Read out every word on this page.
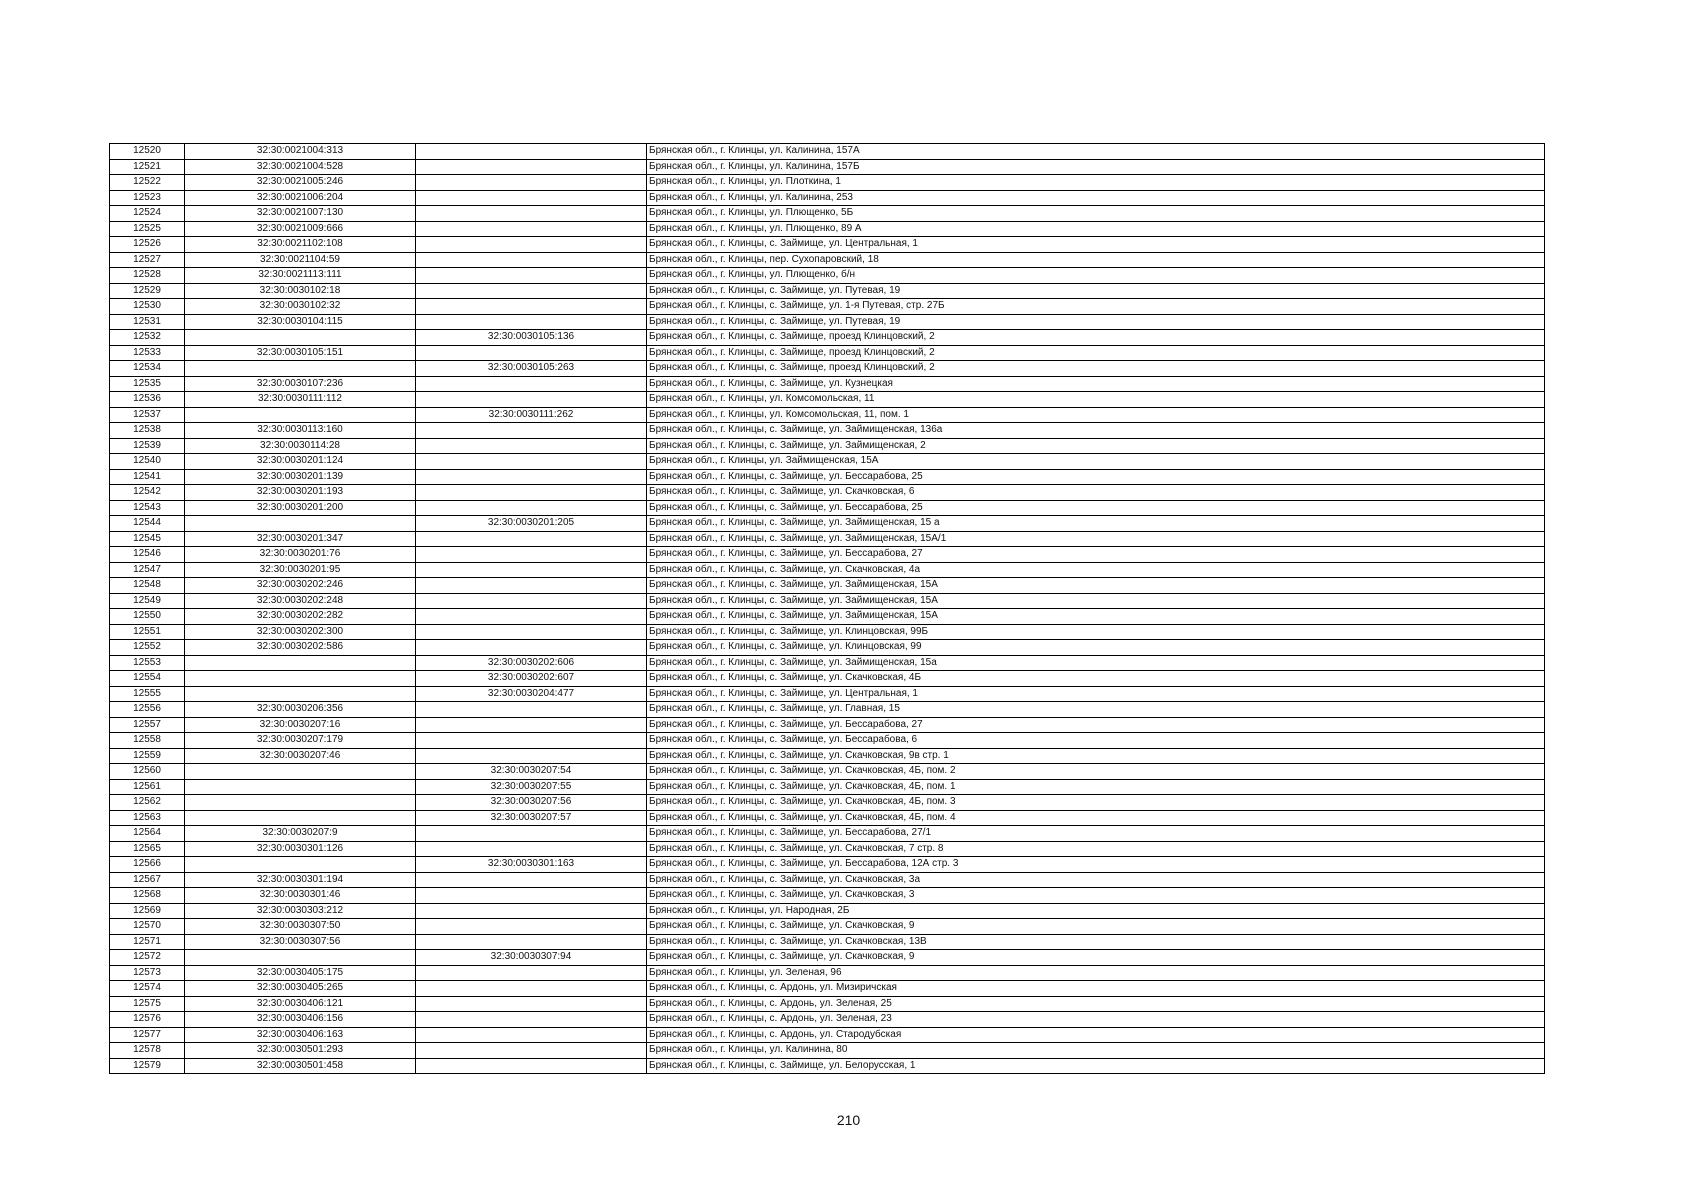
12520	32:30:0021004:313		Брянская обл., г. Клинцы, ул. Калинина, 157А
12521	32:30:0021004:528		Брянская обл., г. Клинцы, ул. Калинина, 157Б
12522	32:30:0021005:246		Брянская обл., г. Клинцы, ул. Плоткина, 1
12523	32:30:0021006:204		Брянская обл., г. Клинцы, ул. Калинина, 253
12524	32:30:0021007:130		Брянская обл., г. Клинцы, ул. Плющенко, 5Б
12525	32:30:0021009:666		Брянская обл., г. Клинцы, ул. Плющенко, 89 А
12526	32:30:0021102:108		Брянская обл., г. Клинцы, с. Займище, ул. Центральная, 1
12527	32:30:0021104:59		Брянская обл., г. Клинцы, пер. Сухопаровский, 18
12528	32:30:0021113:111		Брянская обл., г. Клинцы, ул. Плющенко, б/н
12529	32:30:0030102:18		Брянская обл., г. Клинцы, с. Займище, ул. Путевая, 19
12530	32:30:0030102:32		Брянская обл., г. Клинцы, с. Займище, ул. 1-я Путевая, стр. 27Б
12531	32:30:0030104:115		Брянская обл., г. Клинцы, с. Займище, ул. Путевая, 19
12532		32:30:0030105:136	Брянская обл., г. Клинцы, с. Займище, проезд Клинцовский, 2
12533	32:30:0030105:151		Брянская обл., г. Клинцы, с. Займище, проезд Клинцовский, 2
12534		32:30:0030105:263	Брянская обл., г. Клинцы, с. Займище, проезд Клинцовский, 2
12535	32:30:0030107:236		Брянская обл., г. Клинцы, с. Займище, ул. Кузнецкая
12536	32:30:0030111:112		Брянская обл., г. Клинцы, ул. Комсомольская, 11
12537		32:30:0030111:262	Брянская обл., г. Клинцы, ул. Комсомольская, 11, пом. 1
12538	32:30:0030113:160		Брянская обл., г. Клинцы, с. Займище, ул. Займищенская, 136а
12539	32:30:0030114:28		Брянская обл., г. Клинцы, с. Займище, ул. Займищенская, 2
12540	32:30:0030201:124		Брянская обл., г. Клинцы, ул. Займищенская, 15А
12541	32:30:0030201:139		Брянская обл., г. Клинцы, с. Займище, ул. Бессарабова, 25
12542	32:30:0030201:193		Брянская обл., г. Клинцы, с. Займище, ул. Скачковская, 6
12543	32:30:0030201:200		Брянская обл., г. Клинцы, с. Займище, ул. Бессарабова, 25
12544		32:30:0030201:205	Брянская обл., г. Клинцы, с. Займище, ул. Займищенская, 15 а
12545	32:30:0030201:347		Брянская обл., г. Клинцы, с. Займище, ул. Займищенская, 15А/1
12546	32:30:0030201:76		Брянская обл., г. Клинцы, с. Займище, ул. Бессарабова, 27
12547	32:30:0030201:95		Брянская обл., г. Клинцы, с. Займище, ул. Скачковская, 4а
12548	32:30:0030202:246		Брянская обл., г. Клинцы, с. Займище, ул. Займищенская, 15А
12549	32:30:0030202:248		Брянская обл., г. Клинцы, с. Займище, ул. Займищенская, 15А
12550	32:30:0030202:282		Брянская обл., г. Клинцы, с. Займище, ул. Займищенская, 15А
12551	32:30:0030202:300		Брянская обл., г. Клинцы, с. Займище, ул. Клинцовская, 99Б
12552	32:30:0030202:586		Брянская обл., г. Клинцы, с. Займище, ул. Клинцовская, 99
12553		32:30:0030202:606	Брянская обл., г. Клинцы, с. Займище, ул. Займищенская, 15а
12554		32:30:0030202:607	Брянская обл., г. Клинцы, с. Займище, ул. Скачковская, 4Б
12555		32:30:0030204:477	Брянская обл., г. Клинцы, с. Займище, ул. Центральная, 1
12556	32:30:0030206:356		Брянская обл., г. Клинцы, с. Займище, ул. Главная, 15
12557	32:30:0030207:16		Брянская обл., г. Клинцы, с. Займище, ул. Бессарабова, 27
12558	32:30:0030207:179		Брянская обл., г. Клинцы, с. Займище, ул. Бессарабова, 6
12559	32:30:0030207:46		Брянская обл., г. Клинцы, с. Займище, ул. Скачковская, 9в стр. 1
12560		32:30:0030207:54	Брянская обл., г. Клинцы, с. Займище, ул. Скачковская, 4Б, пом. 2
12561		32:30:0030207:55	Брянская обл., г. Клинцы, с. Займище, ул. Скачковская, 4Б, пом. 1
12562		32:30:0030207:56	Брянская обл., г. Клинцы, с. Займище, ул. Скачковская, 4Б, пом. 3
12563		32:30:0030207:57	Брянская обл., г. Клинцы, с. Займище, ул. Скачковская, 4Б, пом. 4
12564	32:30:0030207:9		Брянская обл., г. Клинцы, с. Займище, ул. Бессарабова, 27/1
12565	32:30:0030301:126		Брянская обл., г. Клинцы, с. Займище, ул. Скачковская, 7 стр. 8
12566		32:30:0030301:163	Брянская обл., г. Клинцы, с. Займище, ул. Бессарабова, 12А стр. 3
12567	32:30:0030301:194		Брянская обл., г. Клинцы, с. Займище, ул. Скачковская, 3а
12568	32:30:0030301:46		Брянская обл., г. Клинцы, с. Займище, ул. Скачковская, 3
12569	32:30:0030303:212		Брянская обл., г. Клинцы, ул. Народная, 2Б
12570	32:30:0030307:50		Брянская обл., г. Клинцы, с. Займище, ул. Скачковская, 9
12571	32:30:0030307:56		Брянская обл., г. Клинцы, с. Займище, ул. Скачковская, 13В
12572		32:30:0030307:94	Брянская обл., г. Клинцы, с. Займище, ул. Скачковская, 9
12573	32:30:0030405:175		Брянская обл., г. Клинцы, ул. Зеленая, 96
12574	32:30:0030405:265		Брянская обл., г. Клинцы, с. Ардонь, ул. Мизиричская
12575	32:30:0030406:121		Брянская обл., г. Клинцы, с. Ардонь, ул. Зеленая, 25
12576	32:30:0030406:156		Брянская обл., г. Клинцы, с. Ардонь, ул. Зеленая, 23
12577	32:30:0030406:163		Брянская обл., г. Клинцы, с. Ардонь, ул. Стародубская
12578	32:30:0030501:293		Брянская обл., г. Клинцы, ул. Калинина, 80
12579	32:30:0030501:458		Брянская обл., г. Клинцы, с. Займище, ул. Белорусская, 1
210
